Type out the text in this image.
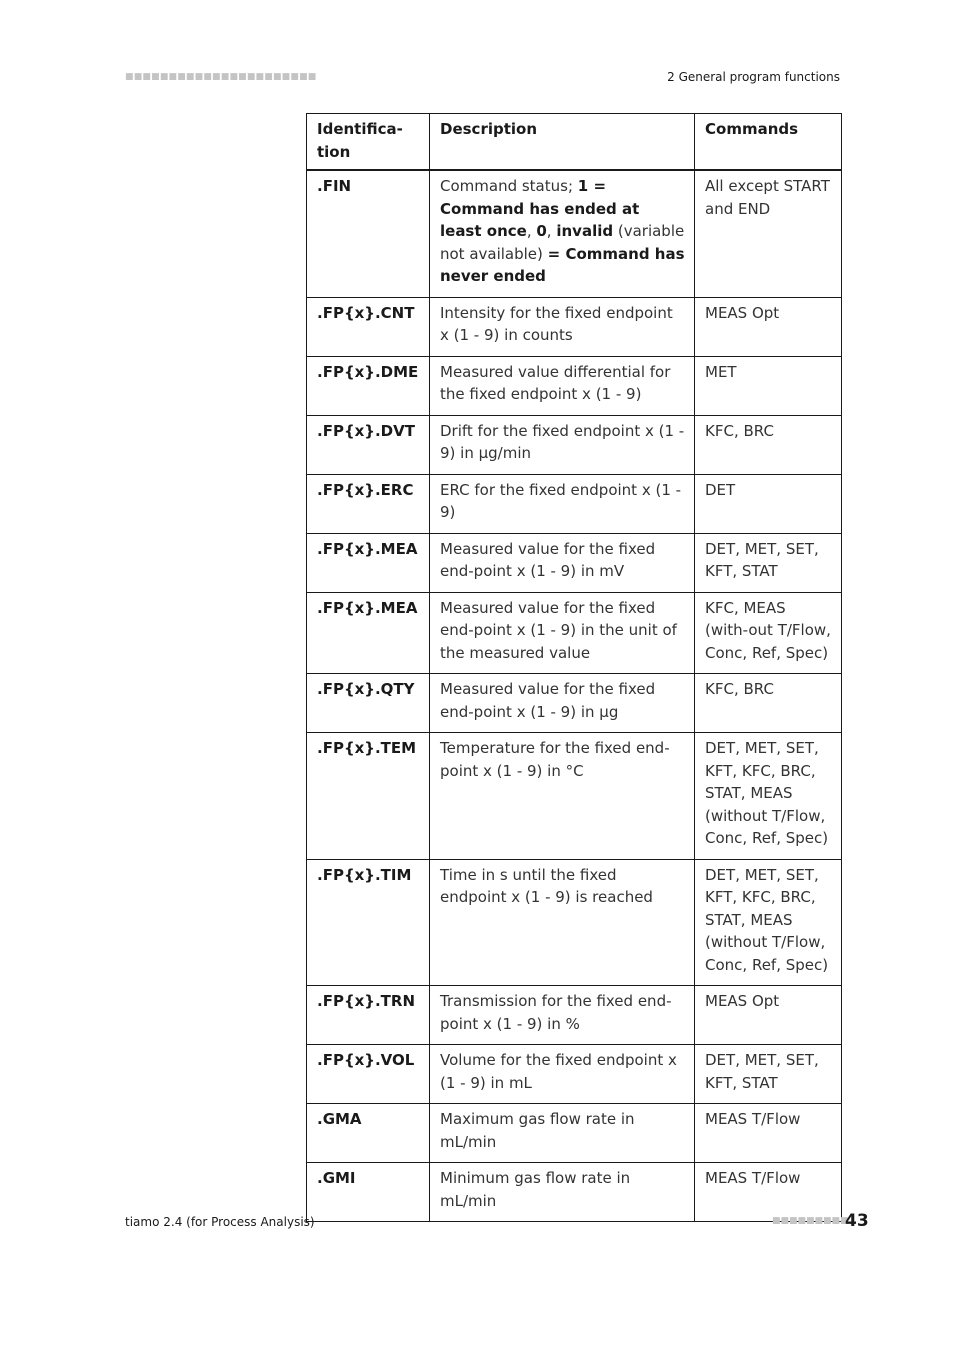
■■■■■■■■■■■■■■■■■■■■■■	2 General program functions
Identifica-
tion	Description	Commands
.FIN	Command status; 1 = Command has ended at least once, 0, invalid (variable not available) = Command has never ended	All except START and END
.FP{x}.CNT	Intensity for the fixed endpoint x (1 - 9) in counts	MEAS Opt
.FP{x}.DME	Measured value differential for the fixed endpoint x (1 - 9)	MET
.FP{x}.DVT	Drift for the fixed endpoint x (1 - 9) in µg/min	KFC, BRC
.FP{x}.ERC	ERC for the fixed endpoint x (1 - 9)	DET
.FP{x}.MEA	Measured value for the fixed end-point x (1 - 9) in mV	DET, MET, SET, KFT, STAT
.FP{x}.MEA	Measured value for the fixed end-point x (1 - 9) in the unit of the measured value	KFC, MEAS (with-out T/Flow, Conc, Ref, Spec)
.FP{x}.QTY	Measured value for the fixed end-point x (1 - 9) in µg	KFC, BRC
.FP{x}.TEM	Temperature for the fixed end-point x (1 - 9) in °C	DET, MET, SET, KFT, KFC, BRC, STAT, MEAS (without T/Flow, Conc, Ref, Spec)
.FP{x}.TIM	Time in s until the fixed endpoint x (1 - 9) is reached	DET, MET, SET, KFT, KFC, BRC, STAT, MEAS (without T/Flow, Conc, Ref, Spec)
.FP{x}.TRN	Transmission for the fixed end-point x (1 - 9) in %	MEAS Opt
.FP{x}.VOL	Volume for the fixed endpoint x (1 - 9) in mL	DET, MET, SET, KFT, STAT
.GMA	Maximum gas flow rate in mL/min	MEAS T/Flow
.GMI	Minimum gas flow rate in mL/min	MEAS T/Flow
tiamo 2.4 (for Process Analysis)	■■■■■■■■■
43
